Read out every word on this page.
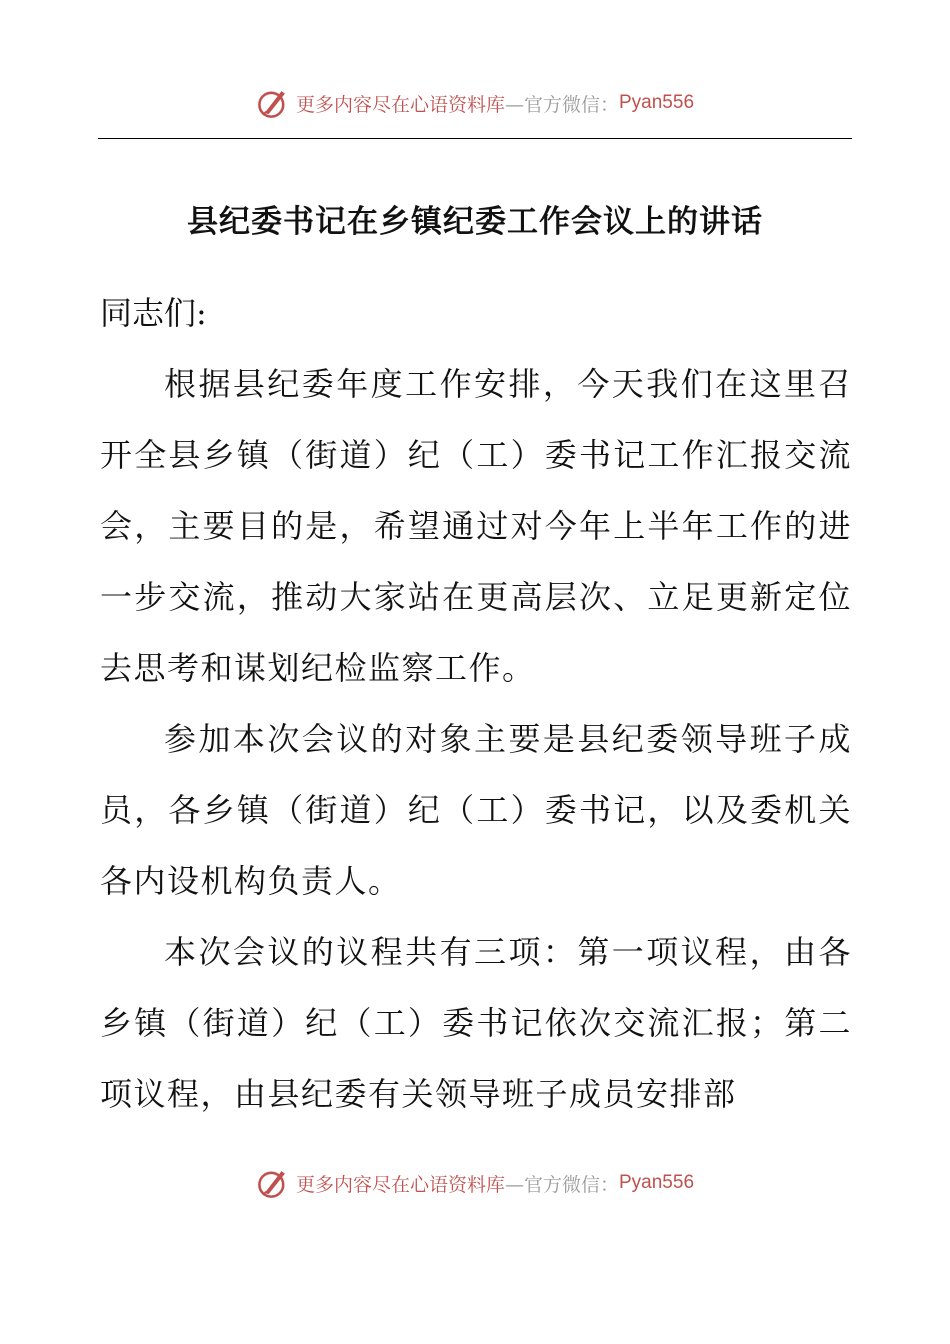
更多内容尽在心语资料库 —官方微信： Pyan556
县纪委书记在乡镇纪委工作会议上的讲话

同志们:

根据县纪委年度工作安排，今天我们在这里召开全县乡镇（街道）纪（工）委书记工作汇报交流会，主要目的是，希望通过对今年上半年工作的进一步交流，推动大家站在更高层次、立足更新定位去思考和谋划纪检监察工作。

参加本次会议的对象主要是县纪委领导班子成员，各乡镇（街道）纪（工）委书记，以及委机关各内设机构负责人。

本次会议的议程共有三项：第一项议程，由各乡镇（街道）纪（工）委书记依次交流汇报；第二项议程，由县纪委有关领导班子成员安排部

更多内容尽在心语资料库 —官方微信： Pyan556
